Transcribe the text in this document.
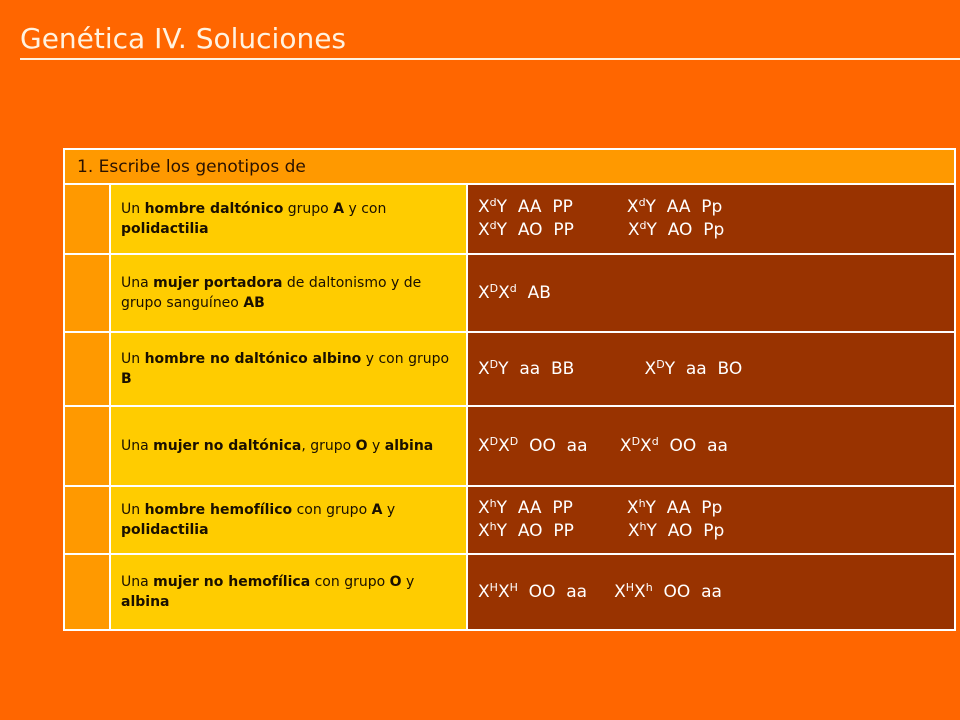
Genética IV. Soluciones
1. Escribe los genotipos de		
	Un hombre daltónico grupo A y con polidactilia	$X^dY$  AA  PP          $X^dY$  AA  Pp
$X^dY$  AO  PP          $X^dY$  AO  Pp
	Una mujer portadora de daltonismo y de grupo sanguíneo AB	$X^DX^d$  AB
	Un hombre no daltónico albino y con grupo B	$X^DY$  aa  BB             $X^DY$  aa  BO
	Una mujer no daltónica, grupo O y albina	$X^DX^D$  OO  aa      $X^DX^d$  OO  aa
	Un hombre hemofílico con grupo A y polidactilia	$X^hY$  AA  PP          $X^hY$  AA  Pp
$X^hY$  AO  PP          $X^hY$  AO  Pp
	Una mujer no hemofílica con grupo O y albina	$X^HX^H$  OO  aa     $X^HX^h$  OO  aa
